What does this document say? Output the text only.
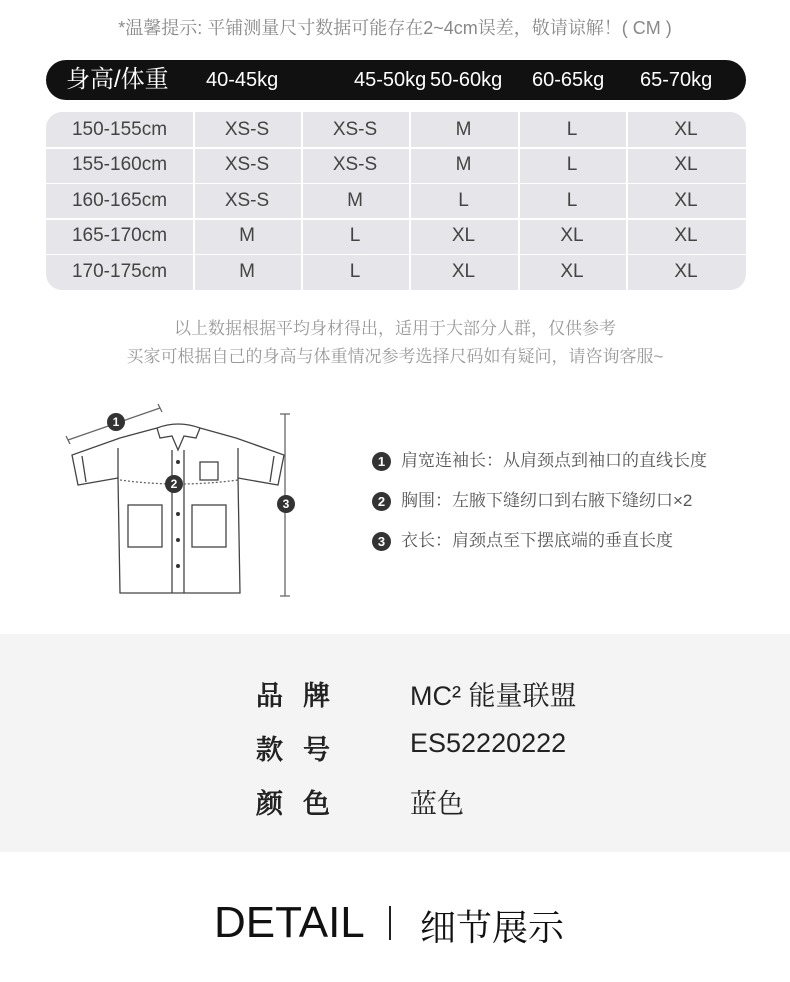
*温馨提示: 平铺测量尺寸数据可能存在2~4cm误差，敬请谅解！( CM )
身高/体重 40-45kg	45-50kg 50-60kg 60-65kg 65-70kg
150-155cm	XS-S	XS-S	M	L	XL
155-160cm	XS-S	XS-S	M	L	XL
160-165cm	XS-S	M	L	L	XL
165-170cm	M	L	XL	XL	XL
170-175cm	M	L	XL	XL	XL
以上数据根据平均身材得出，适用于大部分人群，仅供参考
买家可根据自己的身高与体重情况参考选择尺码如有疑问，请咨询客服~
1
2
3
1 肩宽连袖长：从肩颈点到袖口的直线长度
2 胸围：左腋下缝纫口到右腋下缝纫口×2
3 衣长：肩颈点至下摆底端的垂直长度
品牌 MC² 能量联盟
款号 ES52220222
颜色 蓝色
DETAIL 细节展示
